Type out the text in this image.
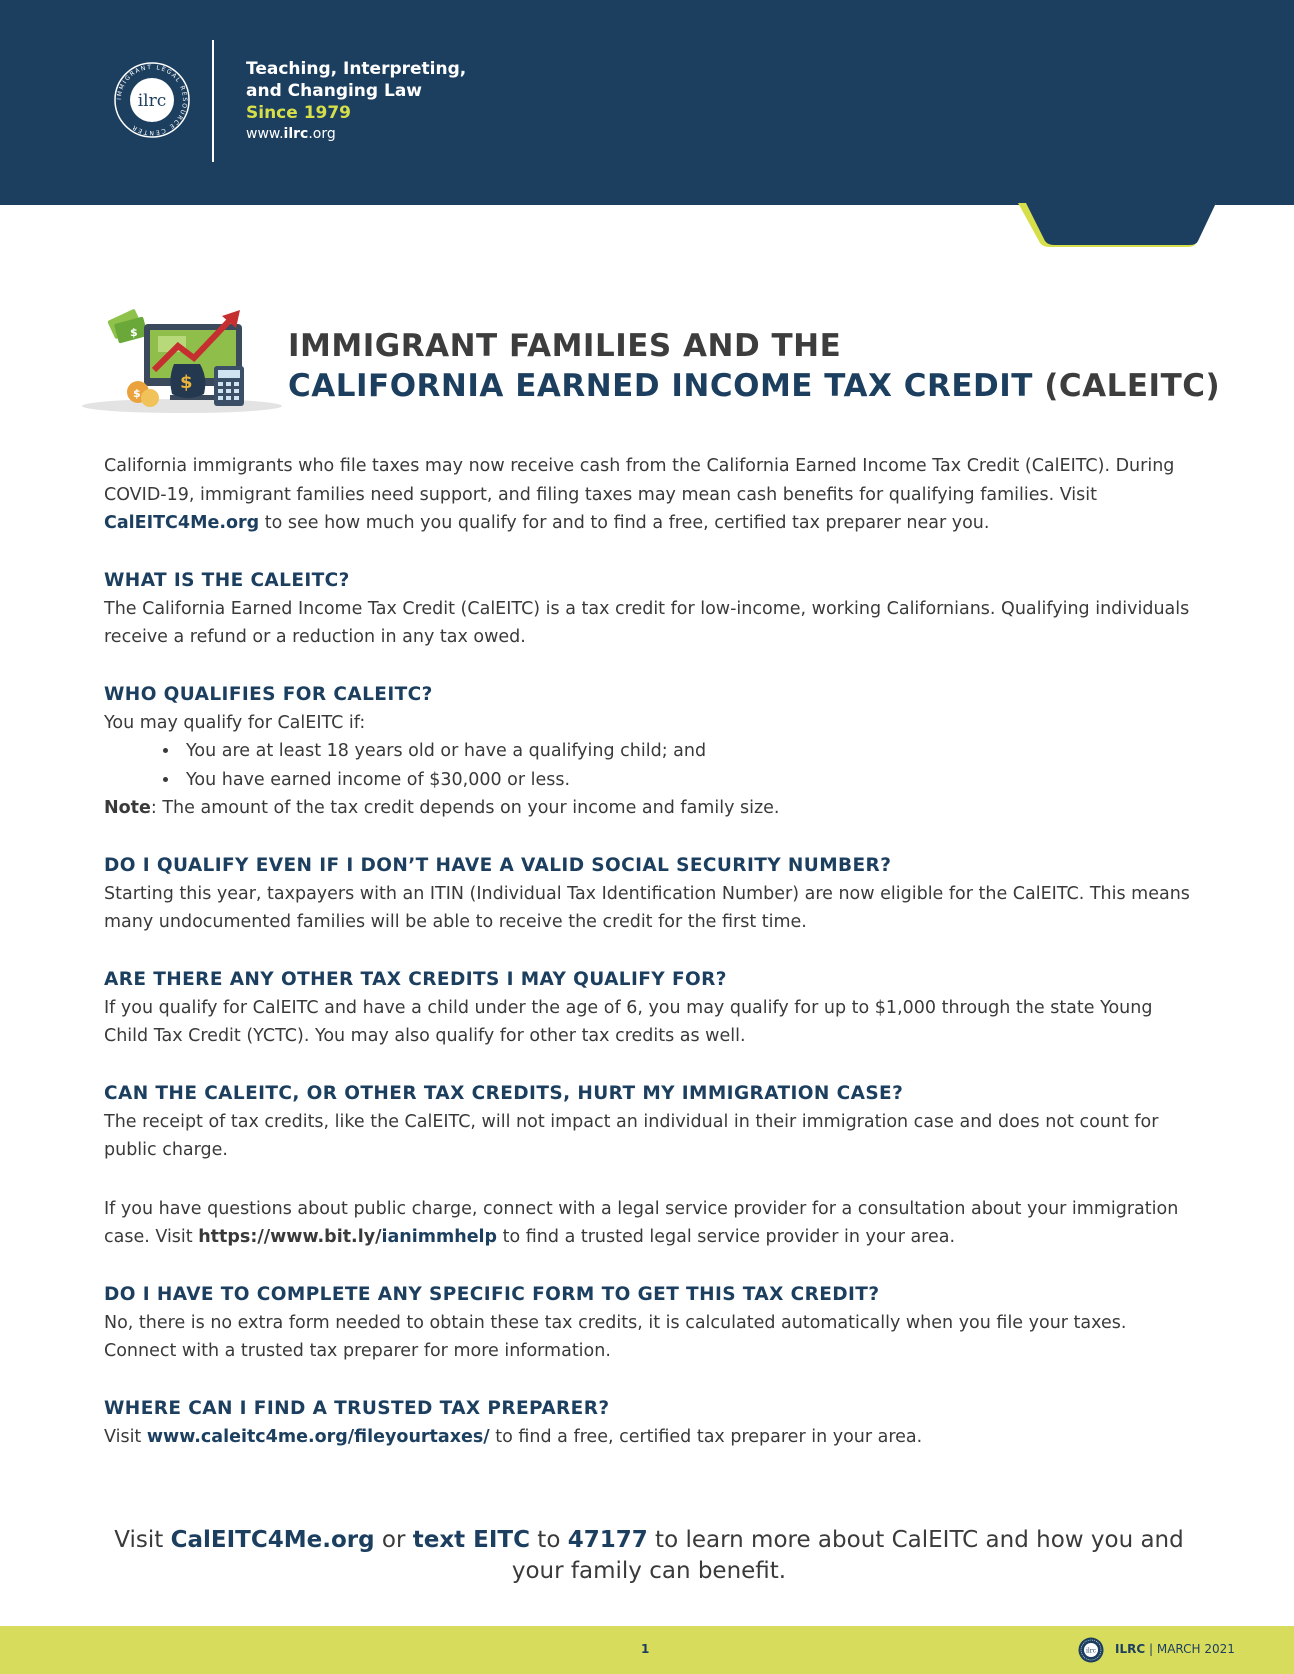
IMMIGRANT LEGAL RESOURCE CENTER
ilrc
Teaching, Interpreting,
and Changing Law
Since 1979
www.ilrc.org
$
$
$
IMMIGRANT FAMILIES AND THE
CALIFORNIA EARNED INCOME TAX CREDIT (CALEITC)

California immigrants who file taxes may now receive cash from the California Earned Income Tax Credit (CalEITC). During COVID-19, immigrant families need support, and filing taxes may mean cash benefits for qualifying families. Visit CalEITC4Me.org to see how much you qualify for and to find a free, certified tax preparer near you.

WHAT IS THE CALEITC?

The California Earned Income Tax Credit (CalEITC) is a tax credit for low-income, working Californians. Qualifying individuals receive a refund or a reduction in any tax owed.

WHO QUALIFIES FOR CALEITC?

You may qualify for CalEITC if:

• You are at least 18 years old or have a qualifying child; and
• You have earned income of $30,000 or less.

Note: The amount of the tax credit depends on your income and family size.

DO I QUALIFY EVEN IF I DON’T HAVE A VALID SOCIAL SECURITY NUMBER?

Starting this year, taxpayers with an ITIN (Individual Tax Identification Number) are now eligible for the CalEITC. This means many undocumented families will be able to receive the credit for the first time.

ARE THERE ANY OTHER TAX CREDITS I MAY QUALIFY FOR?

If you qualify for CalEITC and have a child under the age of 6, you may qualify for up to $1,000 through the state Young Child Tax Credit (YCTC). You may also qualify for other tax credits as well.

CAN THE CALEITC, OR OTHER TAX CREDITS, HURT MY IMMIGRATION CASE?

The receipt of tax credits, like the CalEITC, will not impact an individual in their immigration case and does not count for public charge.

If you have questions about public charge, connect with a legal service provider for a consultation about your immigration case. Visit https://www.bit.ly/ianimmhelp to find a trusted legal service provider in your area.

DO I HAVE TO COMPLETE ANY SPECIFIC FORM TO GET THIS TAX CREDIT?

No, there is no extra form needed to obtain these tax credits, it is calculated automatically when you file your taxes. Connect with a trusted tax preparer for more information.

WHERE CAN I FIND A TRUSTED TAX PREPARER?

Visit www.caleitc4me.org/fileyourtaxes/ to find a free, certified tax preparer in your area.

Visit CalEITC4Me.org or text EITC to 47177 to learn more about CalEITC and how you and your family can benefit.
1	ilrc ILRC | MARCH 2021
